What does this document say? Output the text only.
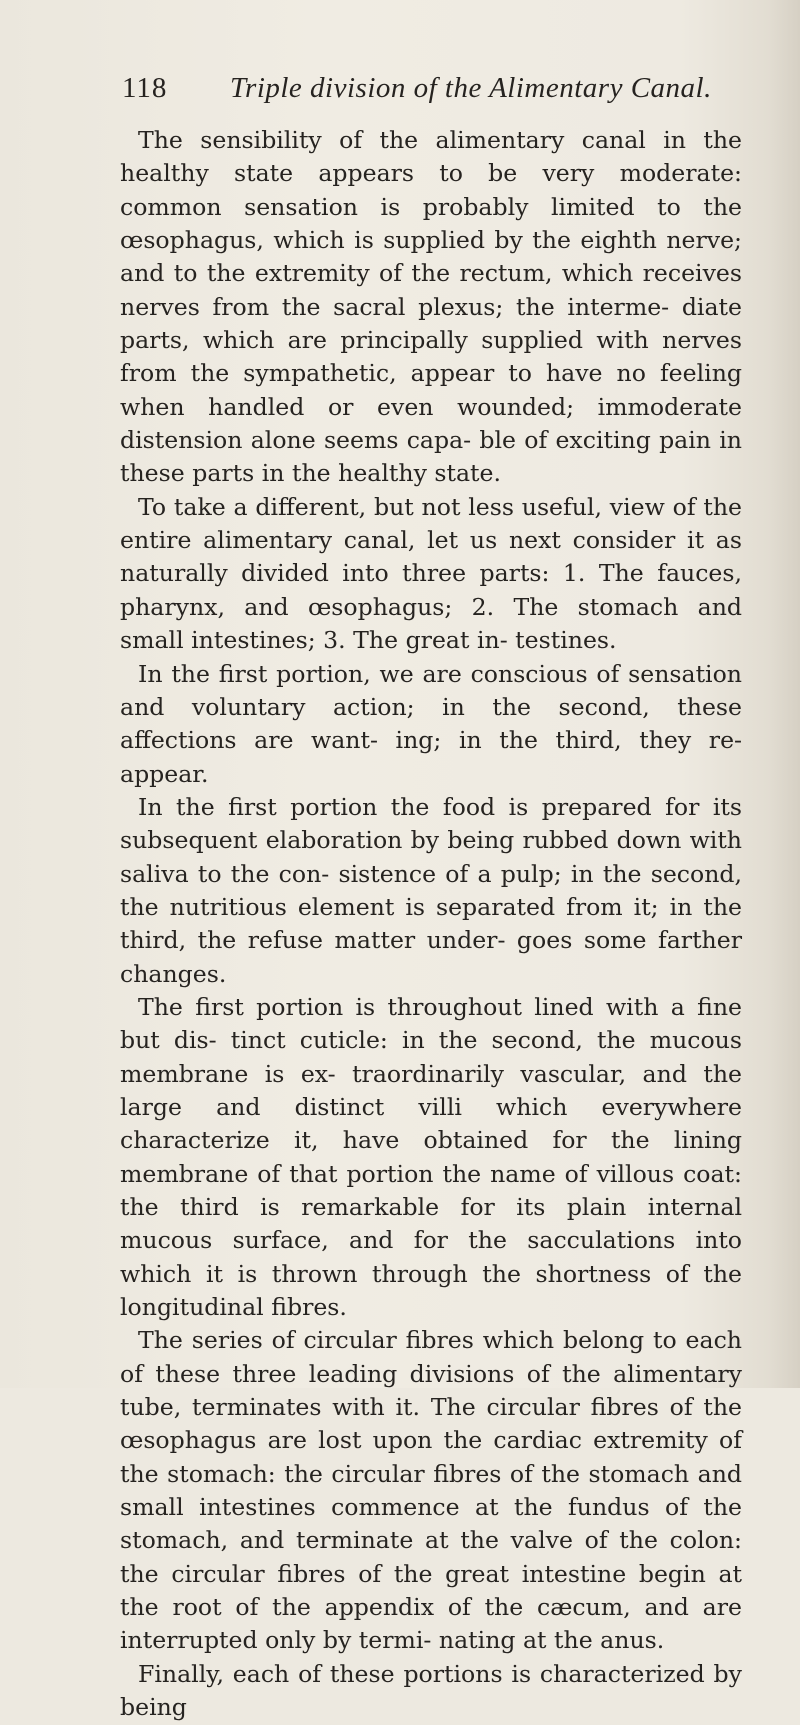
118 Triple division of the Alimentary Canal.

The sensibility of the alimentary canal in the healthy state appears to be very moderate: common sensation is probably limited to the œsophagus, which is supplied by the eighth nerve; and to the extremity of the rectum, which receives nerves from the sacral plexus; the interme- diate parts, which are principally supplied with nerves from the sympathetic, appear to have no feeling when handled or even wounded; immoderate distension alone seems capa- ble of exciting pain in these parts in the healthy state.

To take a different, but not less useful, view of the entire alimentary canal, let us next consider it as naturally divided into three parts: 1. The fauces, pharynx, and œsophagus; 2. The stomach and small intestines; 3. The great in- testines.

In the first portion, we are conscious of sensation and voluntary action; in the second, these affections are want- ing; in the third, they re-appear.

In the first portion the food is prepared for its subsequent elaboration by being rubbed down with saliva to the con- sistence of a pulp; in the second, the nutritious element is separated from it; in the third, the refuse matter under- goes some farther changes.

The first portion is throughout lined with a fine but dis- tinct cuticle: in the second, the mucous membrane is ex- traordinarily vascular, and the large and distinct villi which everywhere characterize it, have obtained for the lining membrane of that portion the name of villous coat: the third is remarkable for its plain internal mucous surface, and for the sacculations into which it is thrown through the shortness of the longitudinal fibres.

The series of circular fibres which belong to each of these three leading divisions of the alimentary tube, terminates with it. The circular fibres of the œsophagus are lost upon the cardiac extremity of the stomach: the circular fibres of the stomach and small intestines commence at the fundus of the stomach, and terminate at the valve of the colon: the circular fibres of the great intestine begin at the root of the appendix of the cæcum, and are interrupted only by termi- nating at the anus.

Finally, each of these portions is characterized by being
